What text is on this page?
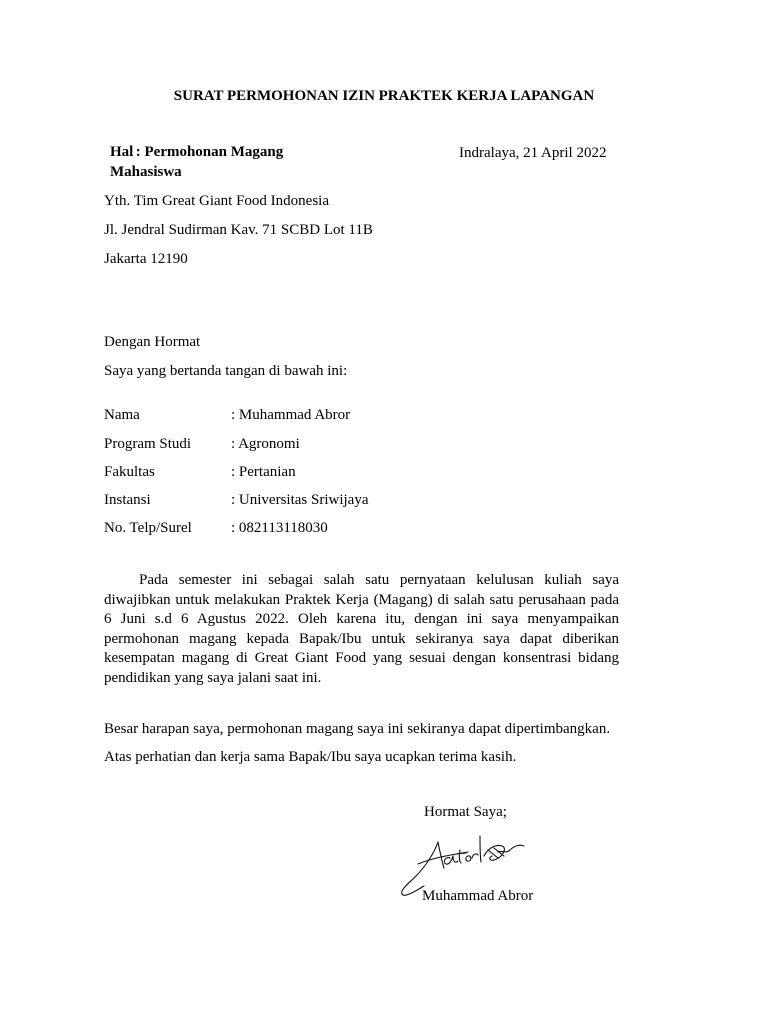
SURAT PERMOHONAN IZIN PRAKTEK KERJA LAPANGAN
Hal : Permohonan Magang Mahasiswa
Indralaya, 21 April 2022
Yth. Tim Great Giant Food Indonesia
Jl. Jendral Sudirman Kav. 71 SCBD Lot 11B
Jakarta 12190
Dengan Hormat
Saya yang bertanda tangan di bawah ini:
Nama	: Muhammad Abror
Program Studi	: Agronomi
Fakultas	: Pertanian
Instansi	: Universitas Sriwijaya
No. Telp/Surel	: 082113118030
Pada semester ini sebagai salah satu pernyataan kelulusan kuliah saya diwajibkan untuk melakukan Praktek Kerja (Magang) di salah satu perusahaan pada 6 Juni s.d 6 Agustus 2022. Oleh karena itu, dengan ini saya menyampaikan permohonan magang kepada Bapak/Ibu untuk sekiranya saya dapat diberikan kesempatan magang di Great Giant Food yang sesuai dengan konsentrasi bidang pendidikan yang saya jalani saat ini.
Besar harapan saya, permohonan magang saya ini sekiranya dapat dipertimbangkan.
Atas perhatian dan kerja sama Bapak/Ibu saya ucapkan terima kasih.
Hormat Saya;
Muhammad Abror
